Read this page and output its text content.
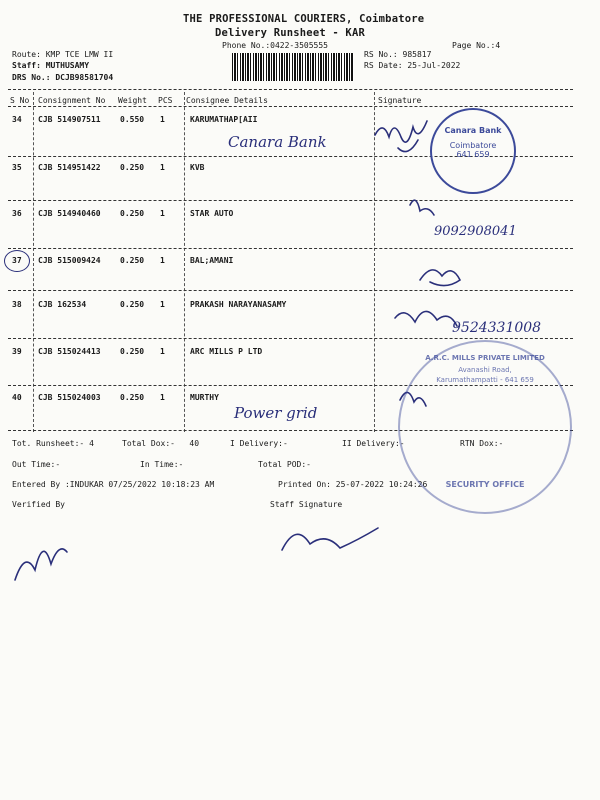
THE PROFESSIONAL COURIERS, Coimbatore
Delivery Runsheet - KAR
Phone No.:0422-3505555	Page No.:4
Route: KMP TCE LMW II
Staff: MUTHUSAMY
DRS No.: DCJB98581704
RS No.: 985817
RS Date: 25-Jul-2022
S No Consignment No Weight PCS Consignee Details	Signature
34 CJB 514907511 0.550 1	KARUMATHAP[AII
Canara Bank
35 CJB 514951422 0.250 1	KVB
36 CJB 514940460 0.250 1	STAR AUTO
9092908041
37 CJB 515009424 0.250 1	BAL;AMANI
38 CJB 162534	0.250 1	PRAKASH NARAYANASAMY
9524331008
39 CJB 515024413 0.250 1	ARC MILLS P LTD
40 CJB 515024003 0.250 1	MURTHY
Power grid
Tot. Runsheet:- 4	Total Dox:-   40	I Delivery:-	II Delivery:-	RTN Dox:-
Out Time:-	In Time:-	Total POD:-
Entered By :INDUKAR 07/25/2022 10:18:23 AM	Printed On: 25-07-2022 10:24:26
Verified By	Staff Signature
Canara Bank
Coimbatore
641 659
A.R.C. MILLS PRIVATE LIMITED
Avanashi Road,
Karumathampatti - 641 659
SECURITY OFFICE
